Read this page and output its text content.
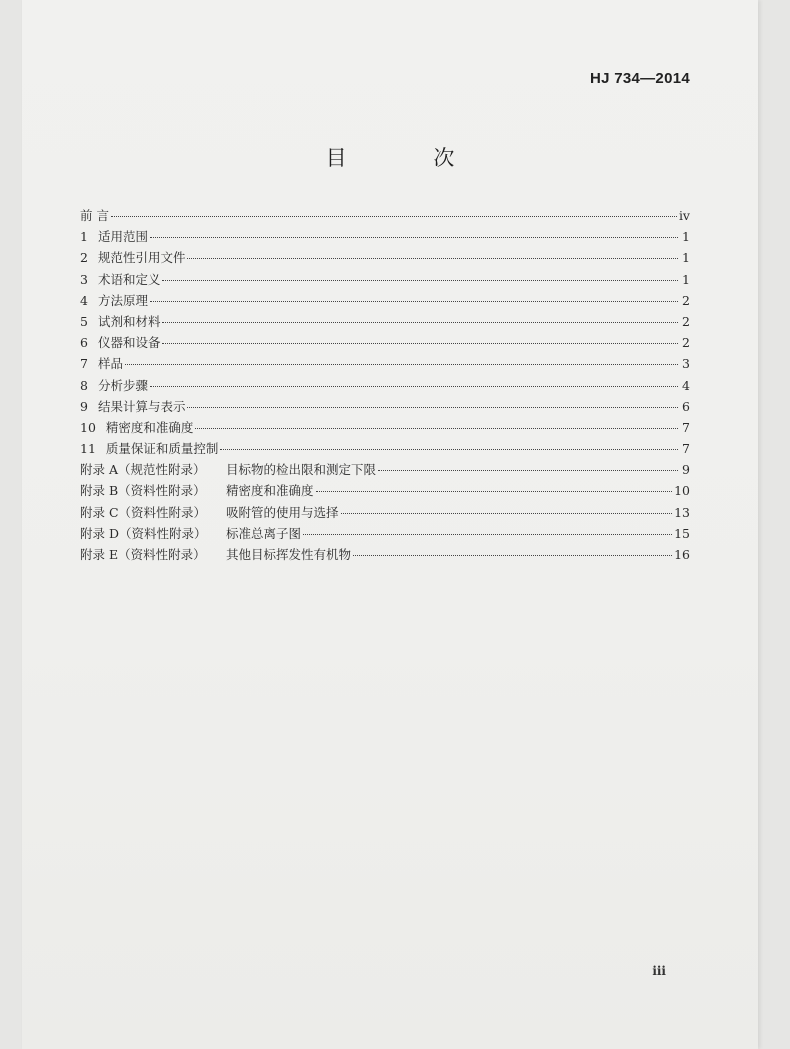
HJ 734—2014
目 次
前 言	iv
1 适用范围	1
2 规范性引用文件	1
3 术语和定义	1
4 方法原理	2
5 试剂和材料	2
6 仪器和设备	2
7 样品	3
8 分析步骤	4
9 结果计算与表示	6
10 精密度和准确度	7
11 质量保证和质量控制	7
附录 A（规范性附录）	目标物的检出限和测定下限	9
附录 B（资料性附录）	精密度和准确度	10
附录 C（资料性附录）	吸附管的使用与选择	13
附录 D（资料性附录）	标准总离子图	15
附录 E（资料性附录）	其他目标挥发性有机物	16
iii
